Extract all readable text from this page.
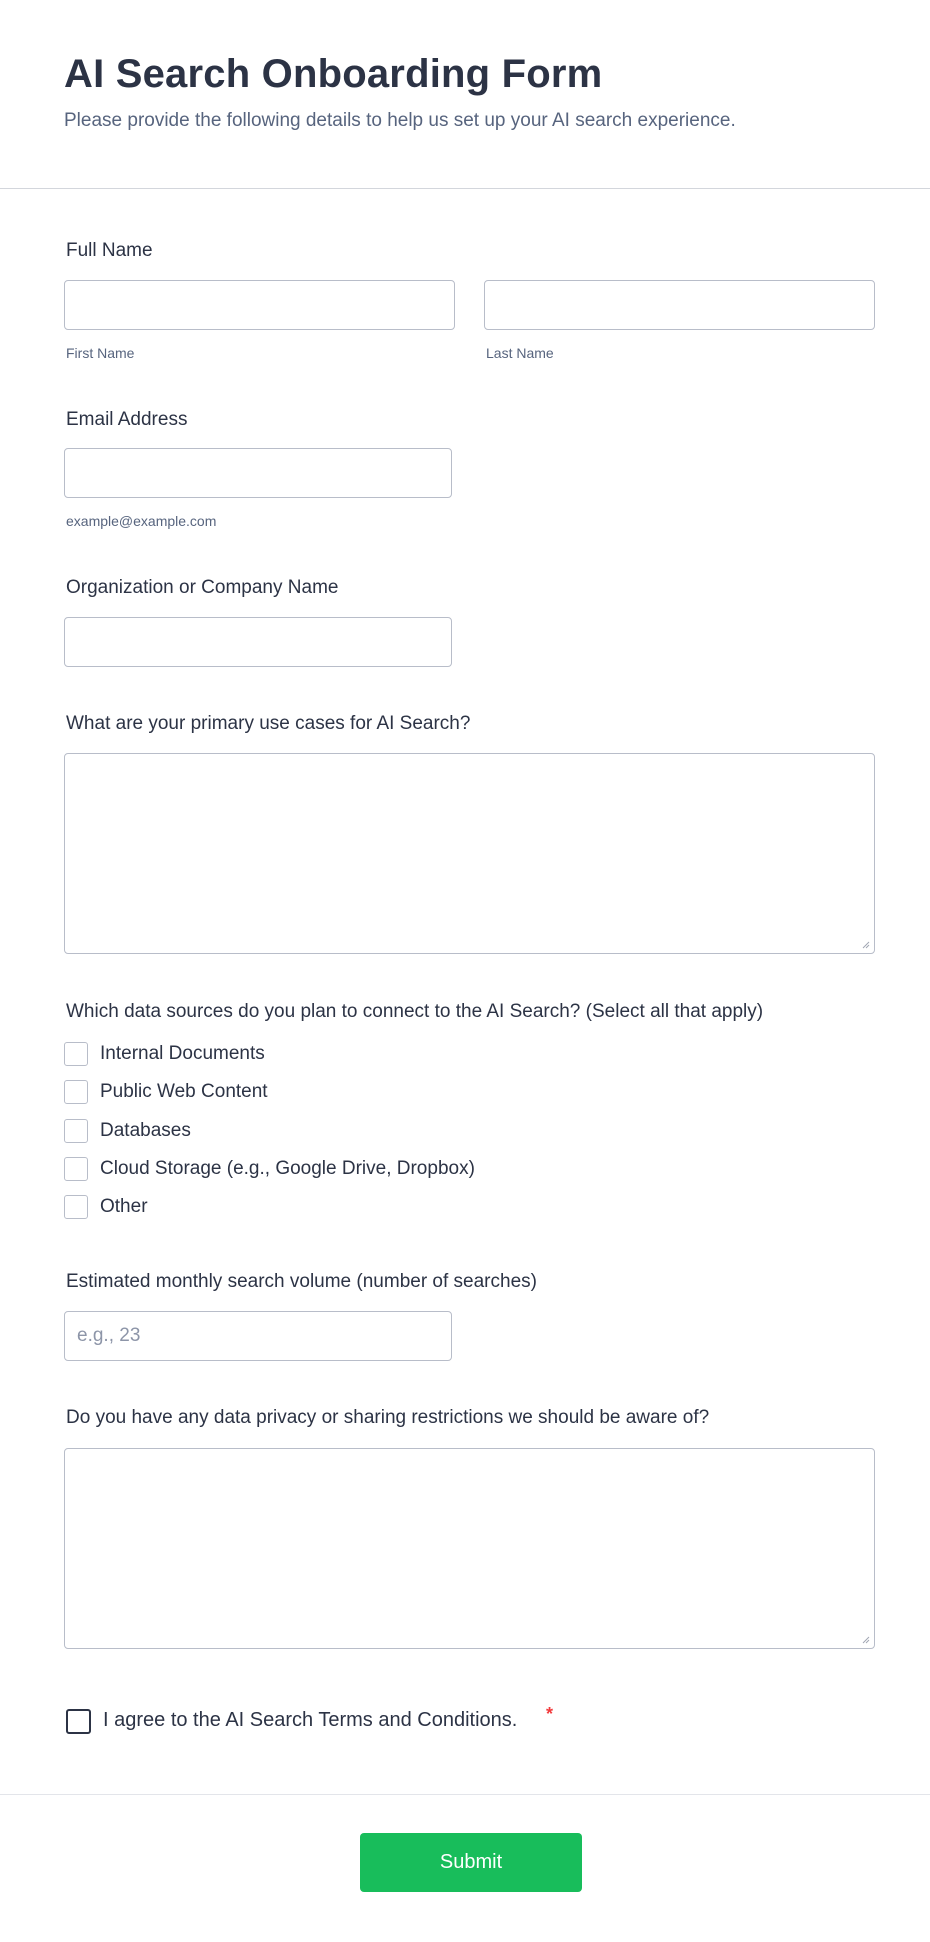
AI Search Onboarding Form
Please provide the following details to help us set up your AI search experience.
Full Name
First Name	Last Name
Email Address
example@example.com
Organization or Company Name
What are your primary use cases for AI Search?
Which data sources do you plan to connect to the AI Search? (Select all that apply)
Internal Documents
Public Web Content
Databases
Cloud Storage (e.g., Google Drive, Dropbox)
Other
Estimated monthly search volume (number of searches)
e.g., 23
Do you have any data privacy or sharing restrictions we should be aware of?
I agree to the AI Search Terms and Conditions. *
Submit
